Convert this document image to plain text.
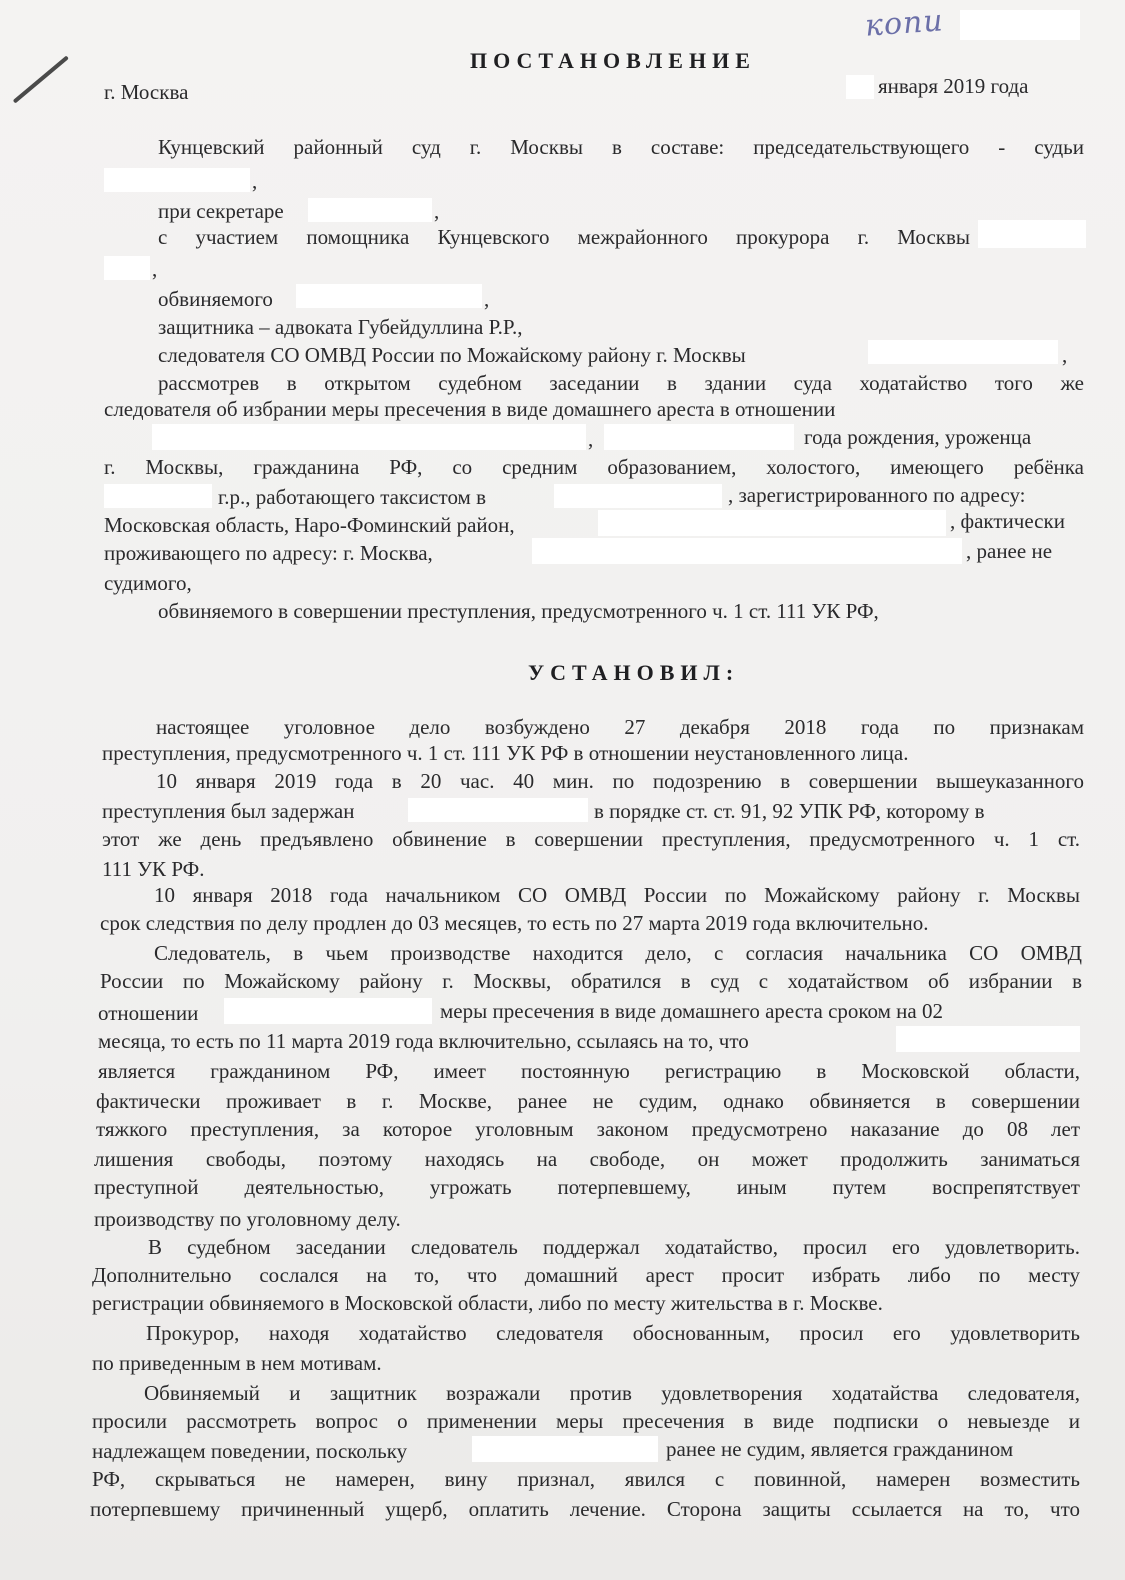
копи
ПОСТАНОВЛЕНИЕ
г. Москва	января 2019 года
Кунцевский районный суд г. Москвы в составе: председательствующего - судьи
,
при секретаре	,
с участием помощника Кунцевского межрайонного прокурора г. Москвы
,
обвиняемого	,
защитника – адвоката Губейдуллина Р.Р.,
следователя СО ОМВД России по Можайскому району г. Москвы	,
рассмотрев в открытом судебном заседании в здании суда ходатайство того же
следователя об избрании меры пресечения в виде домашнего ареста в отношении
,	года рождения, уроженца
г. Москвы, гражданина РФ, со средним образованием, холостого, имеющего ребёнка
г.р., работающего таксистом в	, зарегистрированного по адресу:
Московская область, Наро-Фоминский район,	, фактически
проживающего по адресу: г. Москва,	, ранее не
судимого,
обвиняемого в совершении преступления, предусмотренного ч. 1 ст. 111 УК РФ,
УСТАНОВИЛ:
настоящее уголовное дело возбуждено 27 декабря 2018 года по признакам
преступления, предусмотренного ч. 1 ст. 111 УК РФ в отношении неустановленного лица.
10 января 2019 года в 20 час. 40 мин. по подозрению в совершении вышеуказанного
преступления был задержан	в порядке ст. ст. 91, 92 УПК РФ, которому в
этот же день предъявлено обвинение в совершении преступления, предусмотренного ч. 1 ст.
111 УК РФ.
10 января 2018 года начальником СО ОМВД России по Можайскому району г. Москвы
срок следствия по делу продлен до 03 месяцев, то есть по 27 марта 2019 года включительно.
Следователь, в чьем производстве находится дело, с согласия начальника СО ОМВД
России по Можайскому району г. Москвы, обратился в суд с ходатайством об избрании в
отношении	меры пресечения в виде домашнего ареста сроком на 02
месяца, то есть по 11 марта 2019 года включительно, ссылаясь на то, что
является гражданином РФ, имеет постоянную регистрацию в Московской области,
фактически проживает в г. Москве, ранее не судим, однако обвиняется в совершении
тяжкого преступления, за которое уголовным законом предусмотрено наказание до 08 лет
лишения свободы, поэтому находясь на свободе, он может продолжить заниматься
преступной деятельностью, угрожать потерпевшему, иным путем воспрепятствует
производству по уголовному делу.
В судебном заседании следователь поддержал ходатайство, просил его удовлетворить.
Дополнительно сослался на то, что домашний арест просит избрать либо по месту
регистрации обвиняемого в Московской области, либо по месту жительства в г. Москве.
Прокурор, находя ходатайство следователя обоснованным, просил его удовлетворить
по приведенным в нем мотивам.
Обвиняемый и защитник возражали против удовлетворения ходатайства следователя,
просили рассмотреть вопрос о применении меры пресечения в виде подписки о невыезде и
надлежащем поведении, поскольку	ранее не судим, является гражданином
РФ, скрываться не намерен, вину признал, явился с повинной, намерен возместить
потерпевшему причиненный ущерб, оплатить лечение. Сторона защиты ссылается на то, что
